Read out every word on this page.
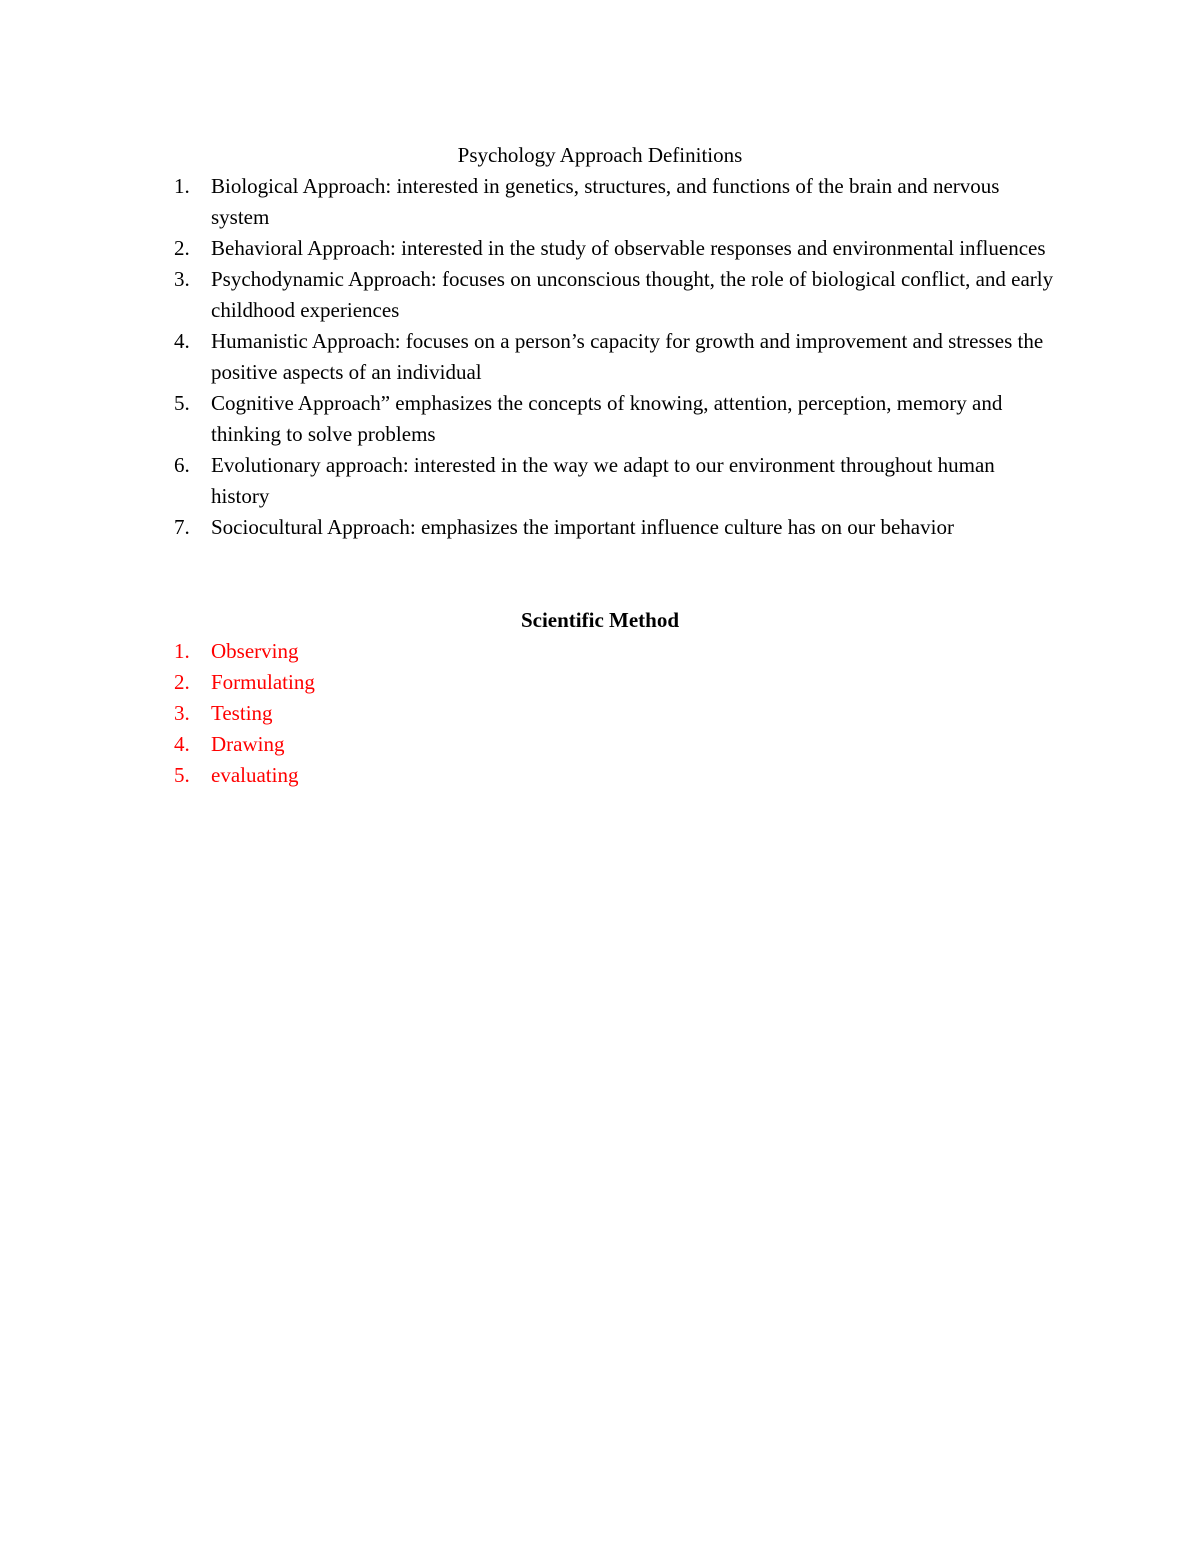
Psychology Approach Definitions
1. Biological Approach: interested in genetics, structures, and functions of the brain and nervous system
2. Behavioral Approach: interested in the study of observable responses and environmental influences
3. Psychodynamic Approach: focuses on unconscious thought, the role of biological conflict, and early childhood experiences
4. Humanistic Approach: focuses on a person’s capacity for growth and improvement and stresses the positive aspects of an individual
5. Cognitive Approach” emphasizes the concepts of knowing, attention, perception, memory and thinking to solve problems
6. Evolutionary approach: interested in the way we adapt to our environment throughout human history
7. Sociocultural Approach: emphasizes the important influence culture has on our behavior
Scientific Method
1. Observing
2. Formulating
3. Testing
4. Drawing
5. evaluating
